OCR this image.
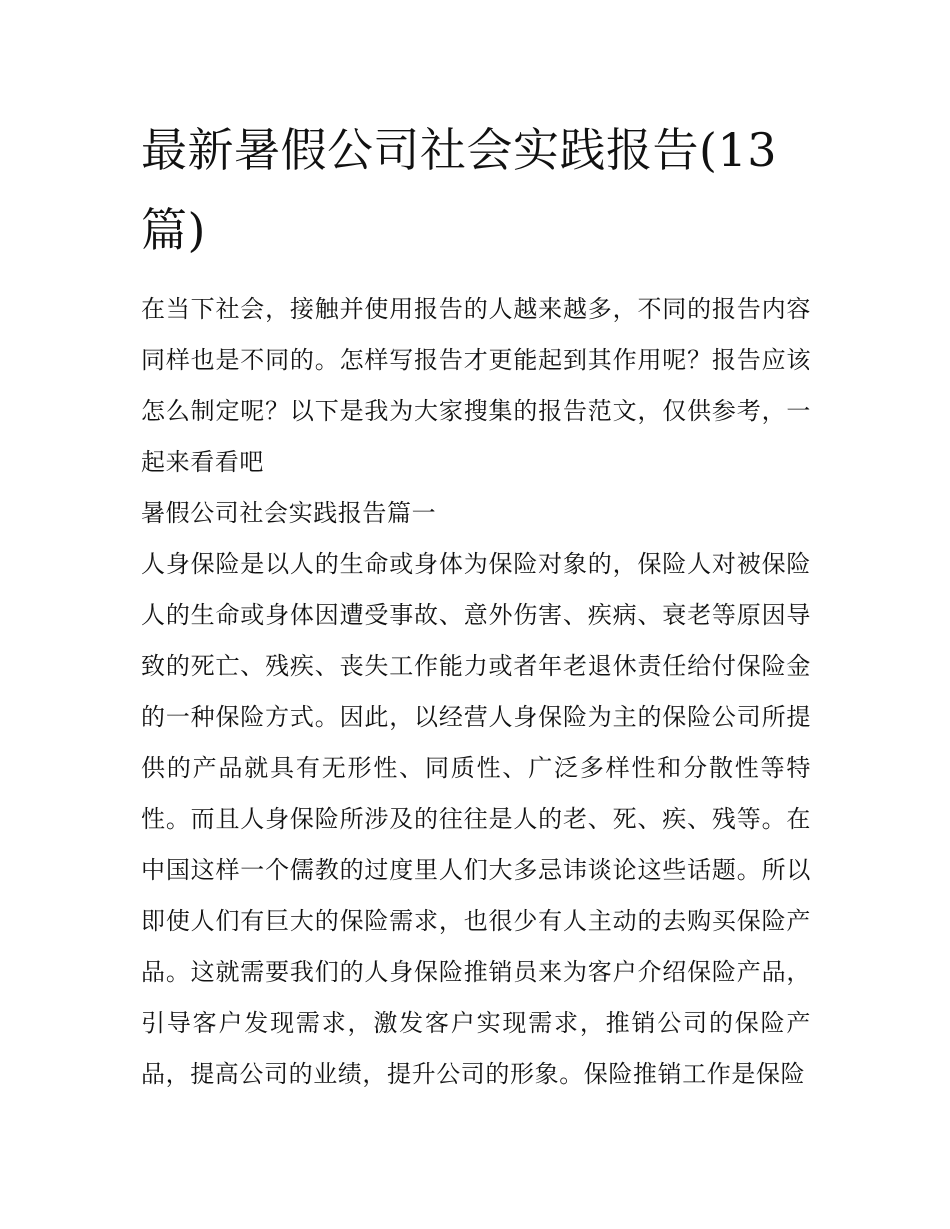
最新暑假公司社会实践报告(13篇)

在当下社会，接触并使用报告的人越来越多，不同的报告内容同样也是不同的。怎样写报告才更能起到其作用呢？报告应该怎么制定呢？以下是我为大家搜集的报告范文，仅供参考，一起来看看吧

暑假公司社会实践报告篇一

人身保险是以人的生命或身体为保险对象的，保险人对被保险人的生命或身体因遭受事故、意外伤害、疾病、衰老等原因导致的死亡、残疾、丧失工作能力或者年老退休责任给付保险金的一种保险方式。因此，以经营人身保险为主的保险公司所提供的产品就具有无形性、同质性、广泛多样性和分散性等特性。而且人身保险所涉及的往往是人的老、死、疾、残等。在中国这样一个儒教的过度里人们大多忌讳谈论这些话题。所以即使人们有巨大的保险需求，也很少有人主动的去购买保险产品。这就需要我们的人身保险推销员来为客户介绍保险产品，引导客户发现需求，激发客户实现需求，推销公司的保险产品，提高公司的业绩，提升公司的形象。保险推销工作是保险
